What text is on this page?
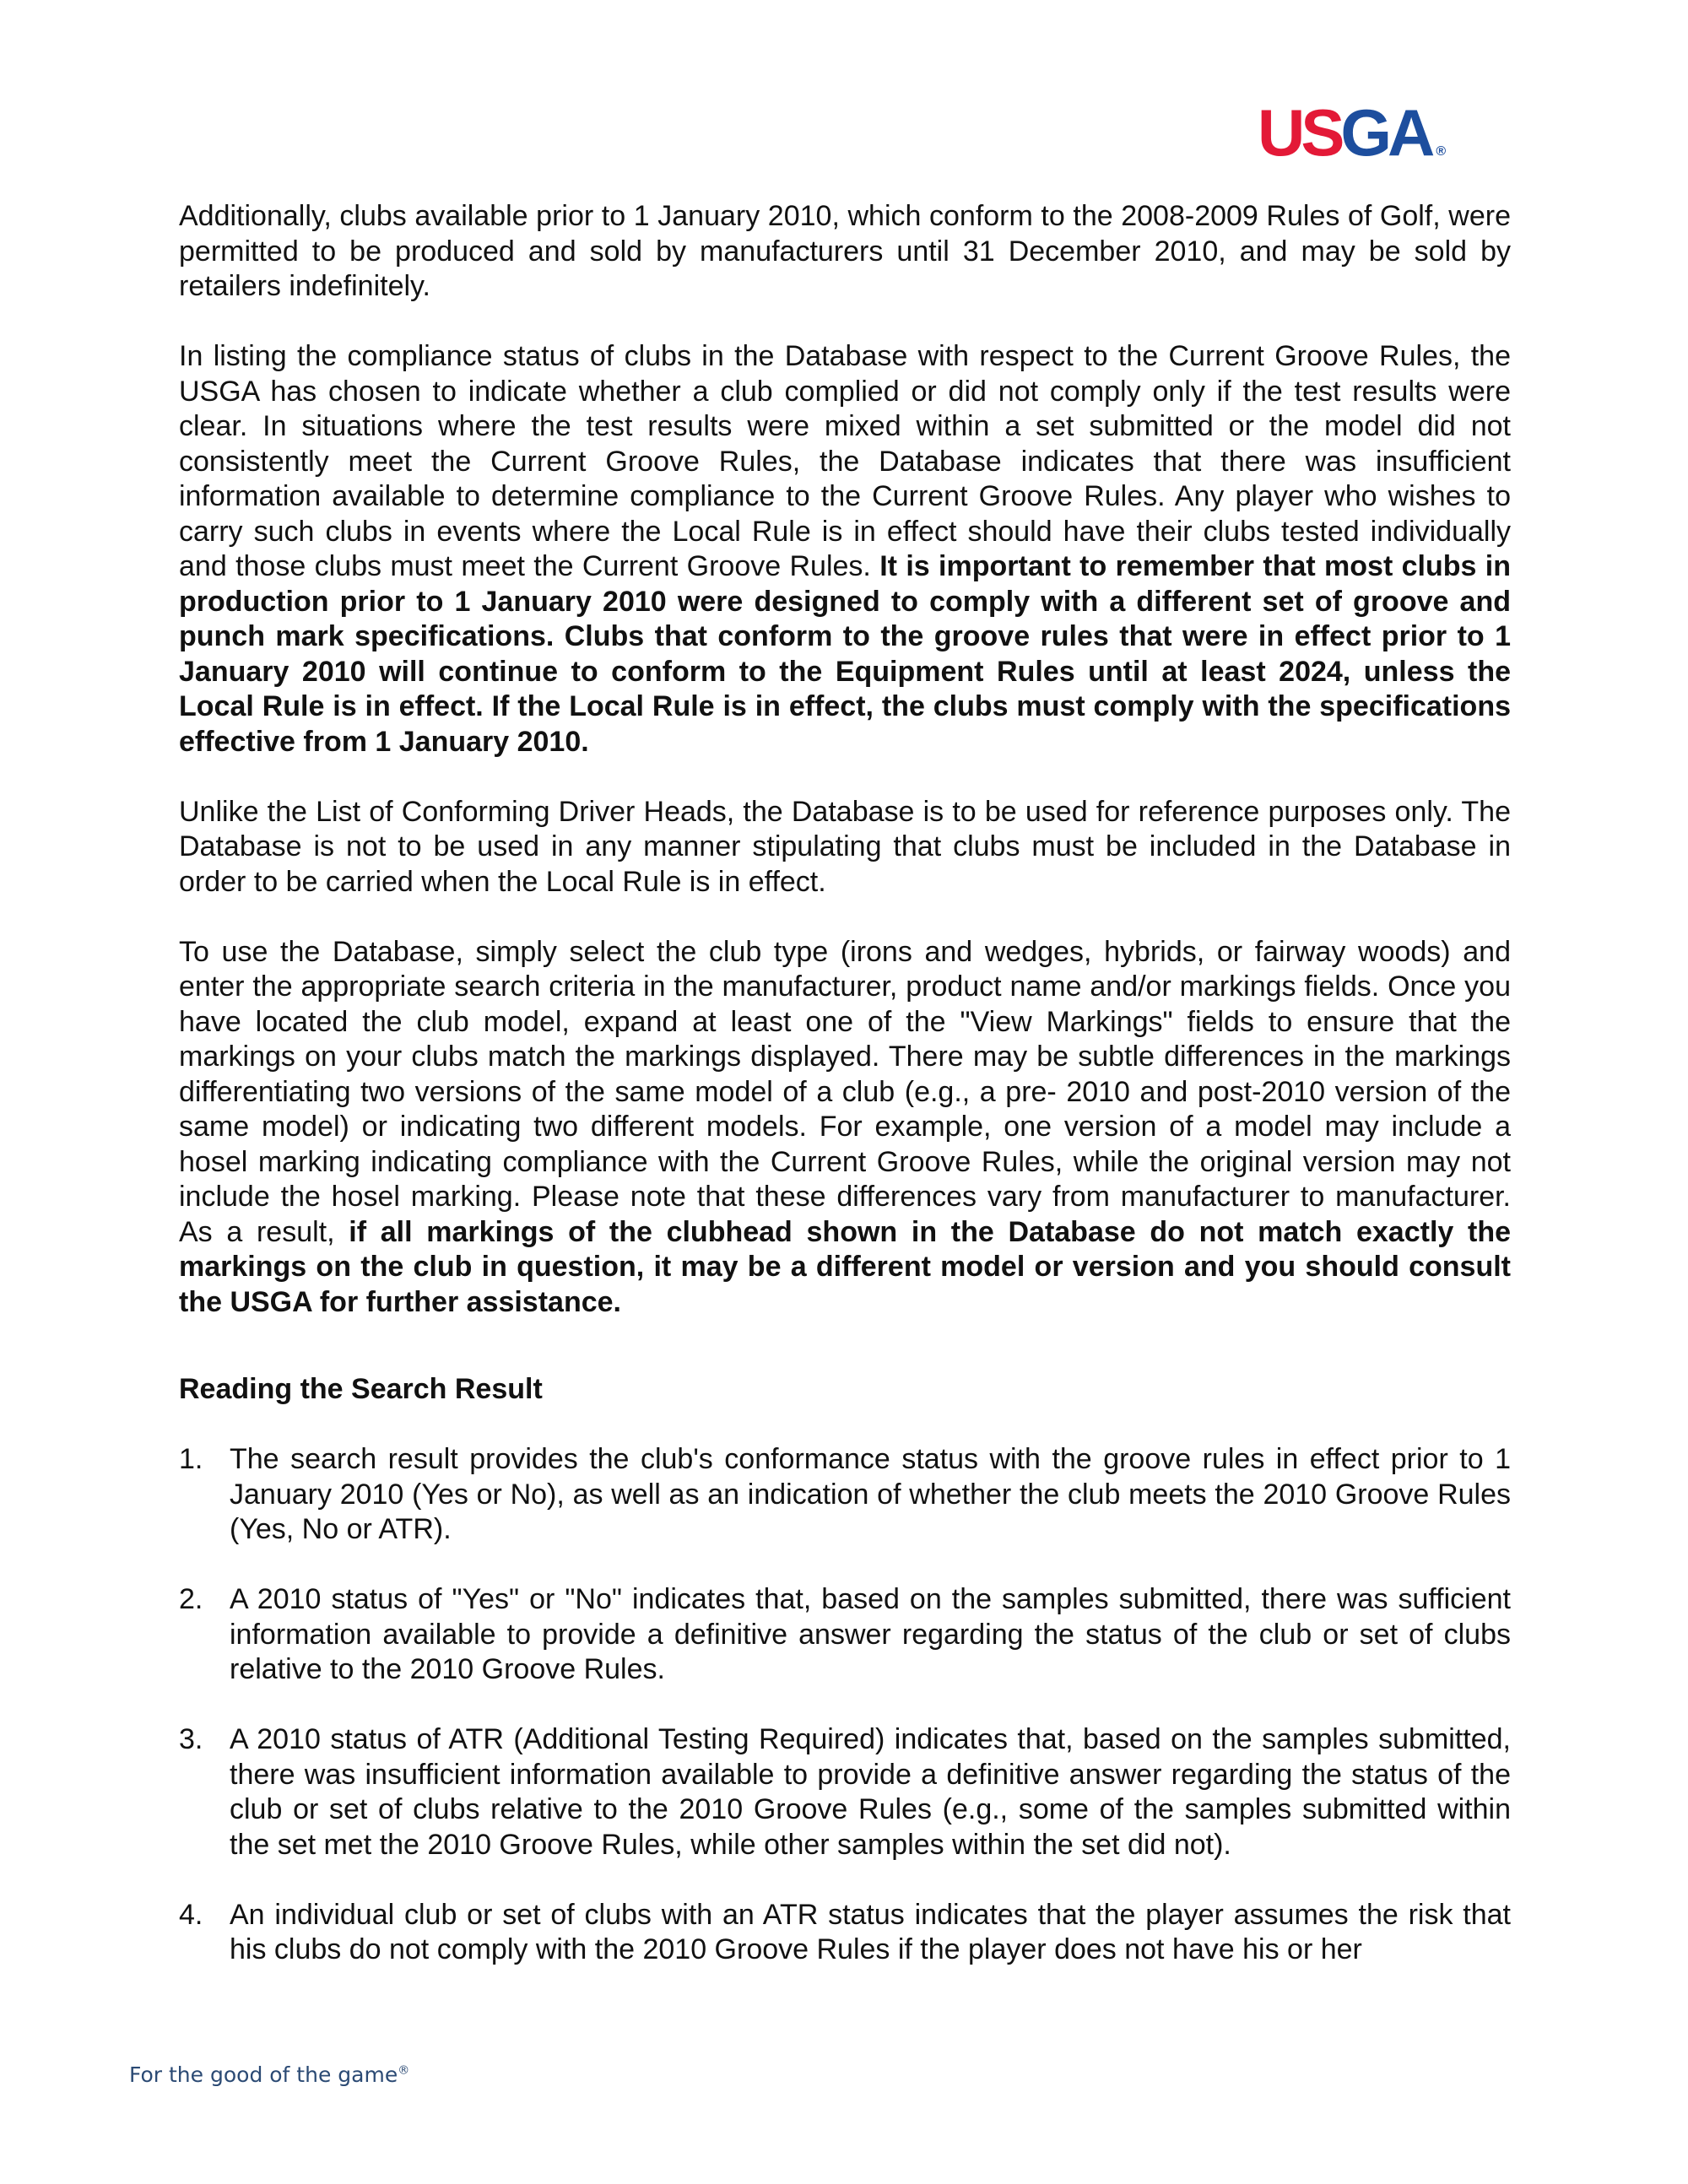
USGA ®

Additionally, clubs available prior to 1 January 2010, which conform to the 2008-2009 Rules of Golf, were permitted to be produced and sold by manufacturers until 31 December 2010, and may be sold by retailers indefinitely.

In listing the compliance status of clubs in the Database with respect to the Current Groove Rules, the USGA has chosen to indicate whether a club complied or did not comply only if the test results were clear. In situations where the test results were mixed within a set submitted or the model did not consistently meet the Current Groove Rules, the Database indicates that there was insufficient information available to determine compliance to the Current Groove Rules. Any player who wishes to carry such clubs in events where the Local Rule is in effect should have their clubs tested individually and those clubs must meet the Current Groove Rules. It is important to remember that most clubs in production prior to 1 January 2010 were designed to comply with a different set of groove and punch mark specifications. Clubs that conform to the groove rules that were in effect prior to 1 January 2010 will continue to conform to the Equipment Rules until at least 2024, unless the Local Rule is in effect. If the Local Rule is in effect, the clubs must comply with the specifications effective from 1 January 2010.

Unlike the List of Conforming Driver Heads, the Database is to be used for reference purposes only. The Database is not to be used in any manner stipulating that clubs must be included in the Database in order to be carried when the Local Rule is in effect.

To use the Database, simply select the club type (irons and wedges, hybrids, or fairway woods) and enter the appropriate search criteria in the manufacturer, product name and/or markings fields. Once you have located the club model, expand at least one of the "View Markings" fields to ensure that the markings on your clubs match the markings displayed. There may be subtle differences in the markings differentiating two versions of the same model of a club (e.g., a pre- 2010 and post-2010 version of the same model) or indicating two different models. For example, one version of a model may include a hosel marking indicating compliance with the Current Groove Rules, while the original version may not include the hosel marking. Please note that these differences vary from manufacturer to manufacturer. As a result, if all markings of the clubhead shown in the Database do not match exactly the markings on the club in question, it may be a different model or version and you should consult the USGA for further assistance.

Reading the Search Result

1. The search result provides the club's conformance status with the groove rules in effect prior to 1 January 2010 (Yes or No), as well as an indication of whether the club meets the 2010 Groove Rules (Yes, No or ATR).
2. A 2010 status of "Yes" or "No" indicates that, based on the samples submitted, there was sufficient information available to provide a definitive answer regarding the status of the club or set of clubs relative to the 2010 Groove Rules.
3. A 2010 status of ATR (Additional Testing Required) indicates that, based on the samples submitted, there was insufficient information available to provide a definitive answer regarding the status of the club or set of clubs relative to the 2010 Groove Rules (e.g., some of the samples submitted within the set met the 2010 Groove Rules, while other samples within the set did not).
4. An individual club or set of clubs with an ATR status indicates that the player assumes the risk that his clubs do not comply with the 2010 Groove Rules if the player does not have his or her
For the good of the game®
